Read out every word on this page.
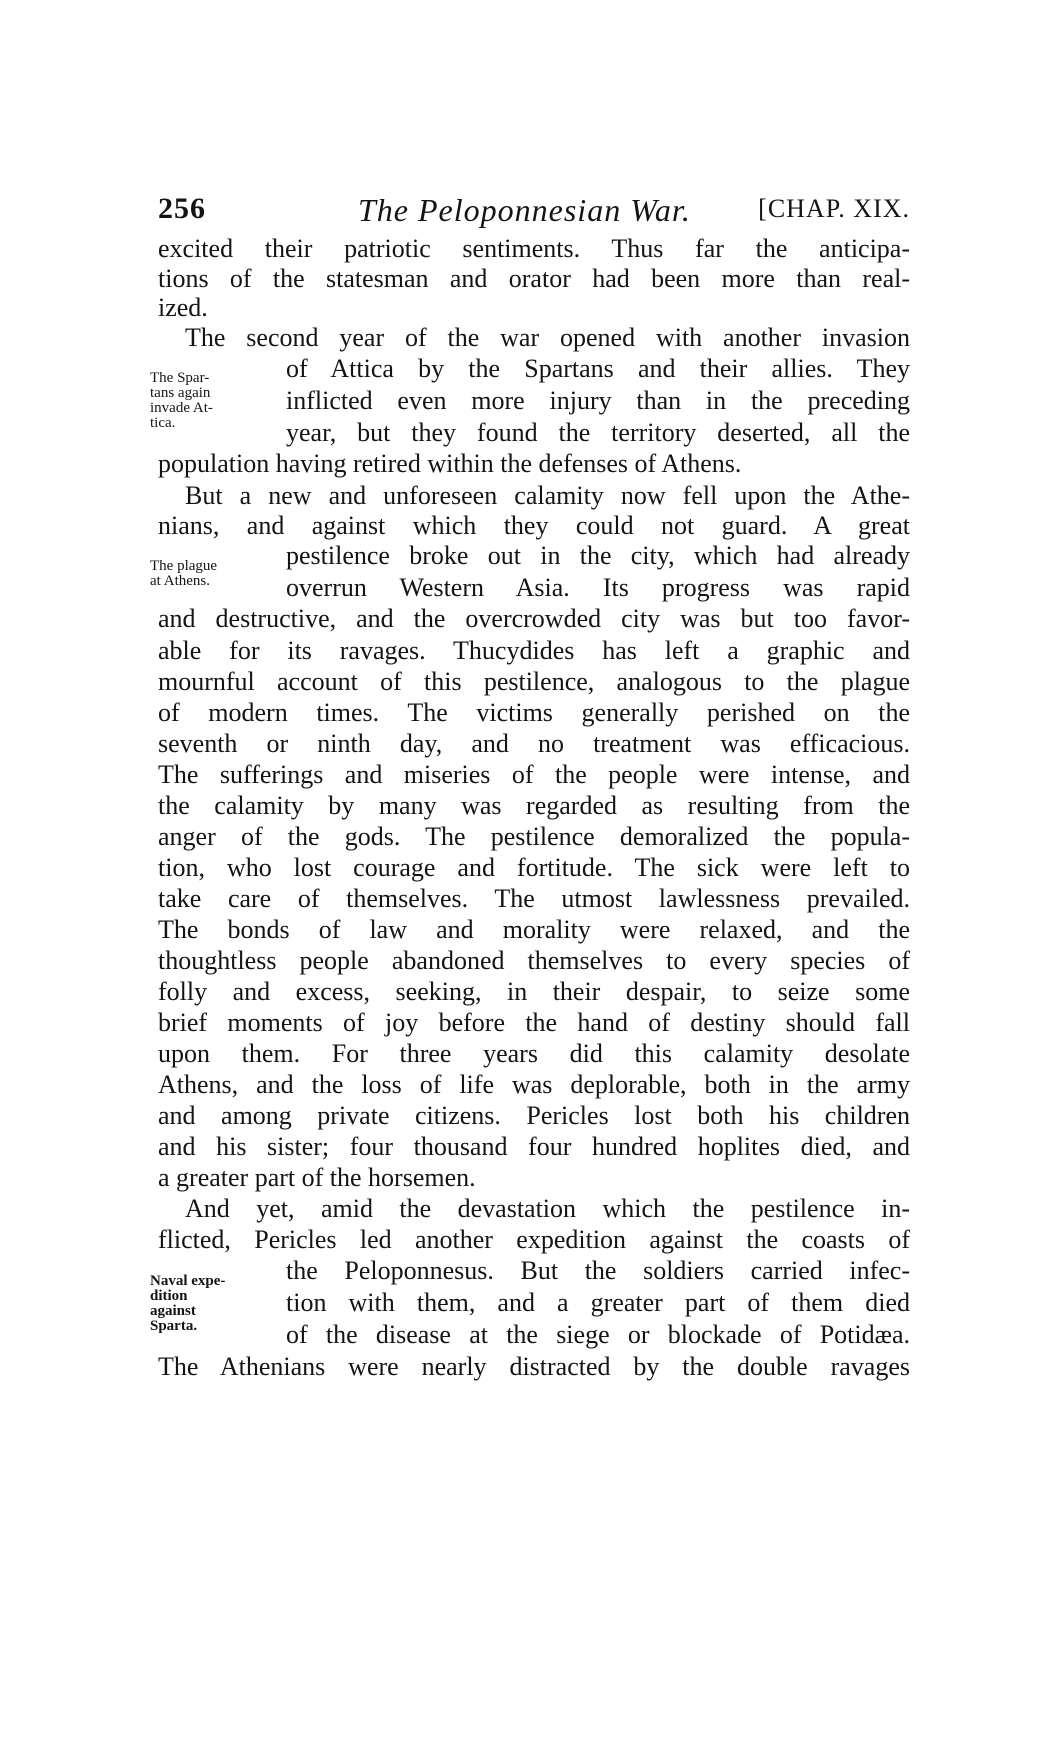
256	The Peloponnesian War.	[CHAP. XIX.
excited their patriotic sentiments. Thus far the anticipa-
tions of the statesman and orator had been more than real-
ized.
The second year of the war opened with another invasion
of Attica by the Spartans and their allies. They
inflicted even more injury than in the preceding
year, but they found the territory deserted, all the
population having retired within the defenses of Athens.
But a new and unforeseen calamity now fell upon the Athe-
nians, and against which they could not guard. A great
pestilence broke out in the city, which had already
overrun Western Asia. Its progress was rapid
and destructive, and the overcrowded city was but too favor-
able for its ravages. Thucydides has left a graphic and
mournful account of this pestilence, analogous to the plague
of modern times. The victims generally perished on the
seventh or ninth day, and no treatment was efficacious.
The sufferings and miseries of the people were intense, and
the calamity by many was regarded as resulting from the
anger of the gods. The pestilence demoralized the popula-
tion, who lost courage and fortitude. The sick were left to
take care of themselves. The utmost lawlessness prevailed.
The bonds of law and morality were relaxed, and the
thoughtless people abandoned themselves to every species of
folly and excess, seeking, in their despair, to seize some
brief moments of joy before the hand of destiny should fall
upon them. For three years did this calamity desolate
Athens, and the loss of life was deplorable, both in the army
and among private citizens. Pericles lost both his children
and his sister; four thousand four hundred hoplites died, and
a greater part of the horsemen.
And yet, amid the devastation which the pestilence in-
flicted, Pericles led another expedition against the coasts of
the Peloponnesus. But the soldiers carried infec-
tion with them, and a greater part of them died
of the disease at the siege or blockade of Potidæa.
The Athenians were nearly distracted by the double ravages
The Spar-
tans again
invade At-
tica.
The plague
at Athens.
Naval expe-
dition
against
Sparta.
